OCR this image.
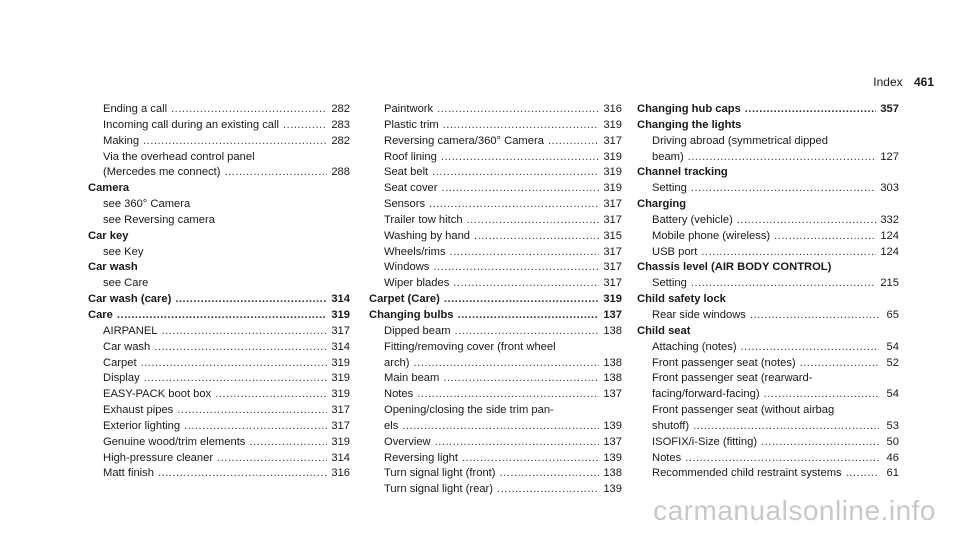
Index 461
Ending a call .....	282
Incoming call during an existing call .....	283
Making .....	282
Via the overhead control panel
(Mercedes me connect) .....	288
Camera
see 360° Camera
see Reversing camera
Car key
see Key
Car wash
see Care
Car wash (care) .....	314
Care .....	319
AIRPANEL .....	317
Car wash .....	314
Carpet .....	319
Display .....	319
EASY-PACK boot box .....	319
Exhaust pipes .....	317
Exterior lighting .....	317
Genuine wood/trim elements .....	319
High-pressure cleaner .....	314
Matt finish .....	316
Paintwork .....	316
Plastic trim .....	319
Reversing camera/360° Camera .....	317
Roof lining .....	319
Seat belt .....	319
Seat cover .....	319
Sensors .....	317
Trailer tow hitch .....	317
Washing by hand .....	315
Wheels/rims .....	317
Windows .....	317
Wiper blades .....	317
Carpet (Care) .....	319
Changing bulbs .....	137
Dipped beam .....	138
Fitting/removing cover (front wheel
arch) .....	138
Main beam .....	138
Notes .....	137
Opening/closing the side trim pan-
els .....	139
Overview .....	137
Reversing light .....	139
Turn signal light (front) .....	138
Turn signal light (rear) .....	139
Changing hub caps .....	357
Changing the lights
Driving abroad (symmetrical dipped
beam) .....	127
Channel tracking
Setting .....	303
Charging
Battery (vehicle) .....	332
Mobile phone (wireless) .....	124
USB port .....	124
Chassis level (AIR BODY CONTROL)
Setting .....	215
Child safety lock
Rear side windows .....	65
Child seat
Attaching (notes) .....	54
Front passenger seat (notes) .....	52
Front passenger seat (rearward-
facing/forward-facing) .....	54
Front passenger seat (without airbag
shutoff) .....	53
ISOFIX/i-Size (fitting) .....	50
Notes .....	46
Recommended child restraint systems .....	61
carmanualsonline.info
